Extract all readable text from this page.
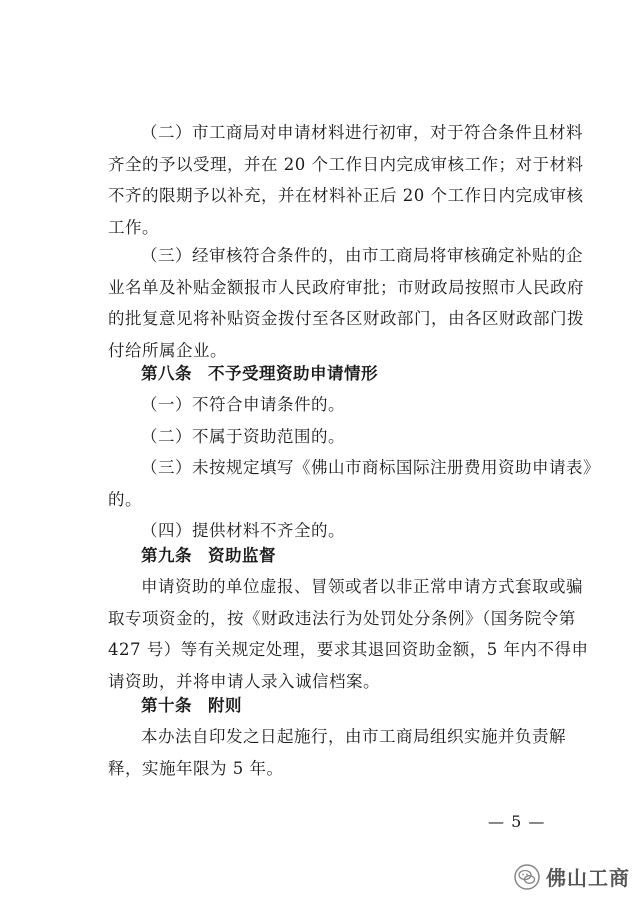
（二）市工商局对申请材料进行初审，对于符合条件且材料
齐全的予以受理，并在 20 个工作日内完成审核工作；对于材料
不齐的限期予以补充，并在材料补正后 20 个工作日内完成审核
工作。
（三）经审核符合条件的，由市工商局将审核确定补贴的企
业名单及补贴金额报市人民政府审批；市财政局按照市人民政府
的批复意见将补贴资金拨付至各区财政部门，由各区财政部门拨
付给所属企业。
第八条 不予受理资助申请情形
（一）不符合申请条件的。
（二）不属于资助范围的。
（三）未按规定填写《佛山市商标国际注册费用资助申请表》
的。
（四）提供材料不齐全的。
第九条 资助监督
申请资助的单位虚报、冒领或者以非正常申请方式套取或骗
取专项资金的，按《财政违法行为处罚处分条例》（国务院令第
427 号）等有关规定处理，要求其退回资助金额，5 年内不得申
请资助，并将申请人录入诚信档案。
第十条 附则
本办法自印发之日起施行，由市工商局组织实施并负责解
释，实施年限为 5 年。
— 5 —
佛山工商
